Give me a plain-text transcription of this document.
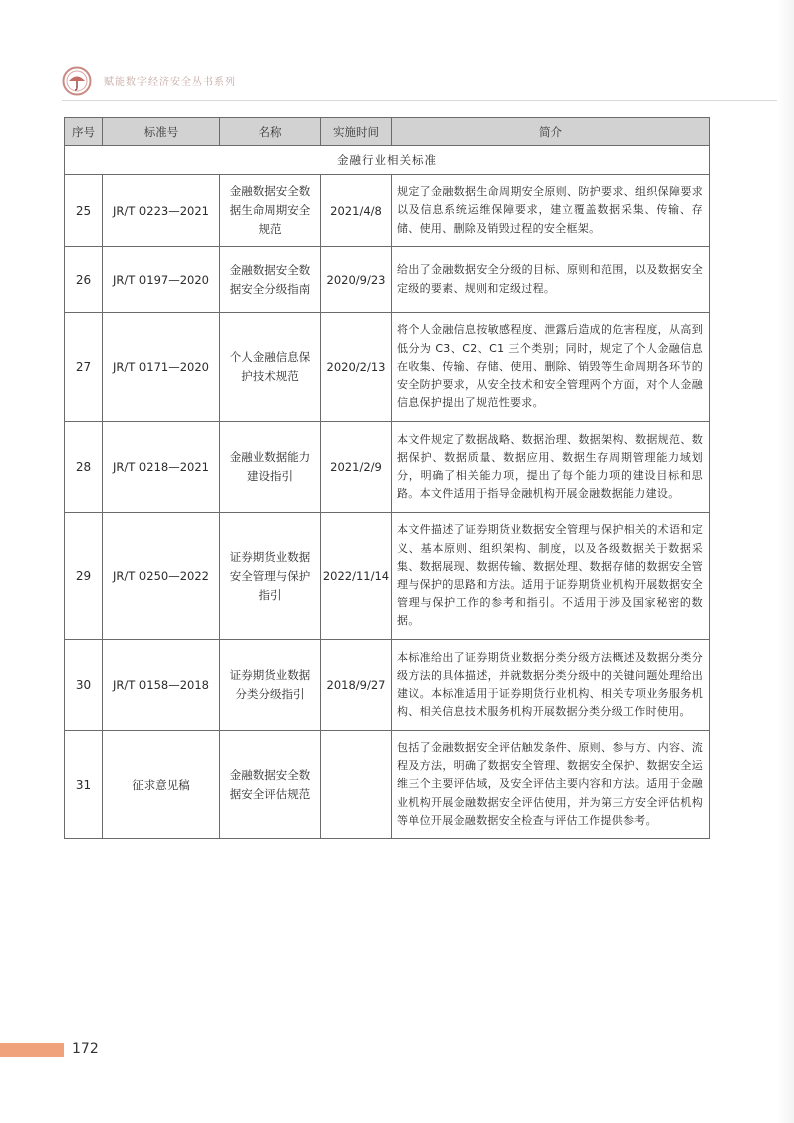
赋能数字经济安全丛书系列
序号	标准号	名称	实施时间	简介
金融行业相关标准				
25	JR/T 0223—2021	金融数据安全数据生命周期安全规范	2021/4/8	规定了金融数据生命周期安全原则、防护要求、组织保障要求以及信息系统运维保障要求，建立覆盖数据采集、传输、存储、使用、删除及销毁过程的安全框架。
26	JR/T 0197—2020	金融数据安全数据安全分级指南	2020/9/23	给出了金融数据安全分级的目标、原则和范围，以及数据安全定级的要素、规则和定级过程。
27	JR/T 0171—2020	个人金融信息保护技术规范	2020/2/13	将个人金融信息按敏感程度、泄露后造成的危害程度，从高到低分为 C3、C2、C1 三个类别；同时，规定了个人金融信息在收集、传输、存储、使用、删除、销毁等生命周期各环节的安全防护要求，从安全技术和安全管理两个方面，对个人金融信息保护提出了规范性要求。
28	JR/T 0218—2021	金融业数据能力建设指引	2021/2/9	本文件规定了数据战略、数据治理、数据架构、数据规范、数据保护、数据质量、数据应用、数据生存周期管理能力域划分，明确了相关能力项，提出了每个能力项的建设目标和思路。本文件适用于指导金融机构开展金融数据能力建设。
29	JR/T 0250—2022	证券期货业数据安全管理与保护指引	2022/11/14	本文件描述了证券期货业数据安全管理与保护相关的术语和定义、基本原则、组织架构、制度，以及各级数据关于数据采集、数据展现、数据传输、数据处理、数据存储的数据安全管理与保护的思路和方法。适用于证券期货业机构开展数据安全管理与保护工作的参考和指引。不适用于涉及国家秘密的数据。
30	JR/T 0158—2018	证券期货业数据分类分级指引	2018/9/27	本标准给出了证券期货业数据分类分级方法概述及数据分类分级方法的具体描述，并就数据分类分级中的关键问题处理给出建议。本标准适用于证券期货行业机构、相关专项业务服务机构、相关信息技术服务机构开展数据分类分级工作时使用。
31	征求意见稿	金融数据安全数据安全评估规范		包括了金融数据安全评估触发条件、原则、参与方、内容、流程及方法，明确了数据安全管理、数据安全保护、数据安全运维三个主要评估域，及安全评估主要内容和方法。适用于金融业机构开展金融数据安全评估使用，并为第三方安全评估机构等单位开展金融数据安全检查与评估工作提供参考。
172
